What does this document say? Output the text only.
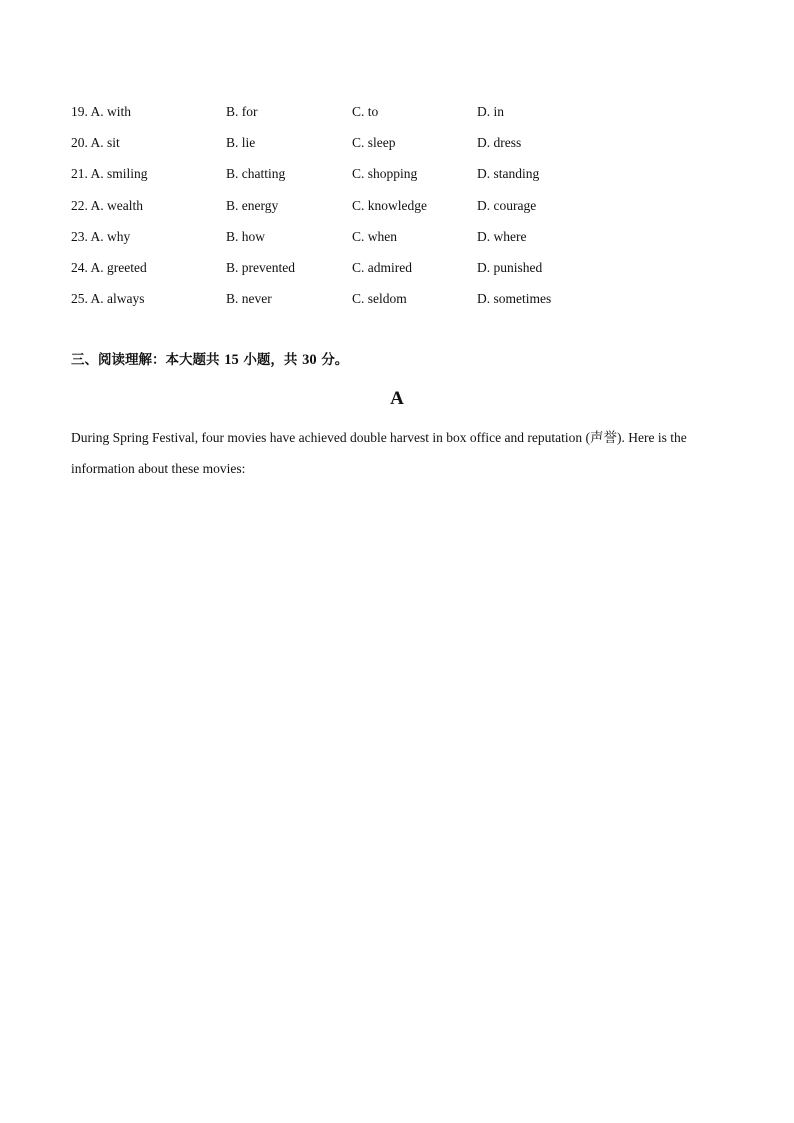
19. A. with	B. for	C. to	D. in
20. A. sit	B. lie	C. sleep	D. dress
21. A. smiling	B. chatting	C. shopping	D. standing
22. A. wealth	B. energy	C. knowledge	D. courage
23. A. why	B. how	C. when	D. where
24. A. greeted	B. prevented	C. admired	D. punished
25. A. always	B. never	C. seldom	D. sometimes
三、阅读理解：本大题共 15 小题，共 30 分。
A
During Spring Festival, four movies have achieved double harvest in box office and reputation (声誉). Here is the information about these movies:
